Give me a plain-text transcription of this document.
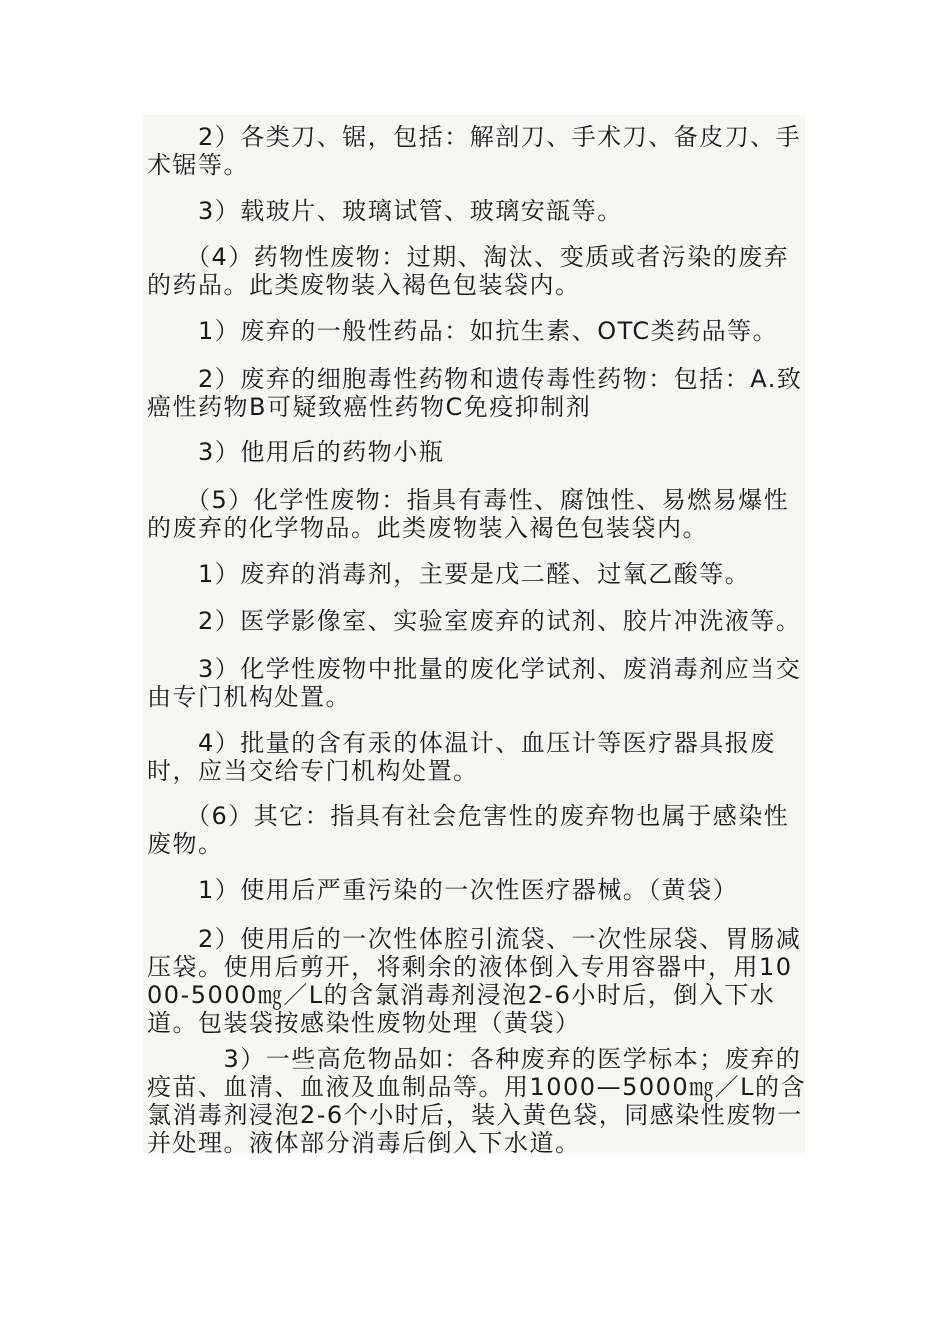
　　2）各类刀、锯，包括：解剖刀、手术刀、备皮刀、手术锯等。

　　3）载玻片、玻璃试管、玻璃安瓿等。

　　（4）药物性废物：过期、淘汰、变质或者污染的废弃的药品。此类废物装入褐色包装袋内。

　　1）废弃的一般性药品：如抗生素、OTC类药品等。

　　2）废弃的细胞毒性药物和遗传毒性药物：包括：A.致癌性药物B可疑致癌性药物C免疫抑制剂

　　3）他用后的药物小瓶

　　（5）化学性废物：指具有毒性、腐蚀性、易燃易爆性的废弃的化学物品。此类废物装入褐色包装袋内。

　　1）废弃的消毒剂，主要是戊二醛、过氧乙酸等。

　　2）医学影像室、实验室废弃的试剂、胶片冲洗液等。

　　3）化学性废物中批量的废化学试剂、废消毒剂应当交由专门机构处置。

　　4）批量的含有汞的体温计、血压计等医疗器具报废时，应当交给专门机构处置。

　　（6）其它：指具有社会危害性的废弃物也属于感染性废物。

　　1）使用后严重污染的一次性医疗器械。（黄袋）

　　2）使用后的一次性体腔引流袋、一次性尿袋、胃肠减压袋。使用后剪开，将剩余的液体倒入专用容器中，用1000-5000㎎／L的含氯消毒剂浸泡2-6小时后，倒入下水道。包装袋按感染性废物处理（黄袋）

　　　3）一些高危物品如：各种废弃的医学标本；废弃的疫苗、血清、血液及血制品等。用1000—5000㎎／L的含氯消毒剂浸泡2-6个小时后，装入黄色袋，同感染性废物一并处理。液体部分消毒后倒入下水道。
